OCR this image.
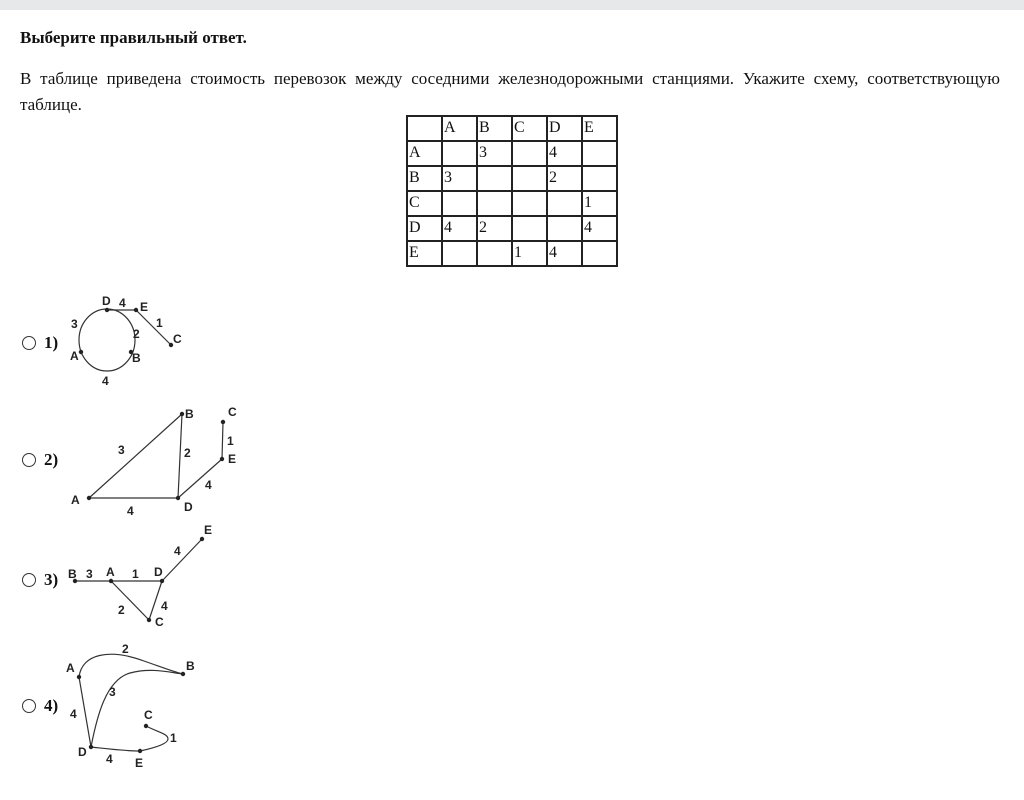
Выберите правильный ответ.

В таблице приведена стоимость перевозок между соседними железнодорожными станциями. Укажите схему, соответствующую таблице.

	A	B	C	D	E
A		3		4	
B	3			2	
C					1
D	4	2			4
E			1	4	
1)
D E
A	B
C
3
4
2
1
4
2)
B	C
E
A	D
3	2
1
4
4
3) B A	D
E
C
3	1
4
2	4
4)
A	B
D
E
C
2
3
4
4
1
